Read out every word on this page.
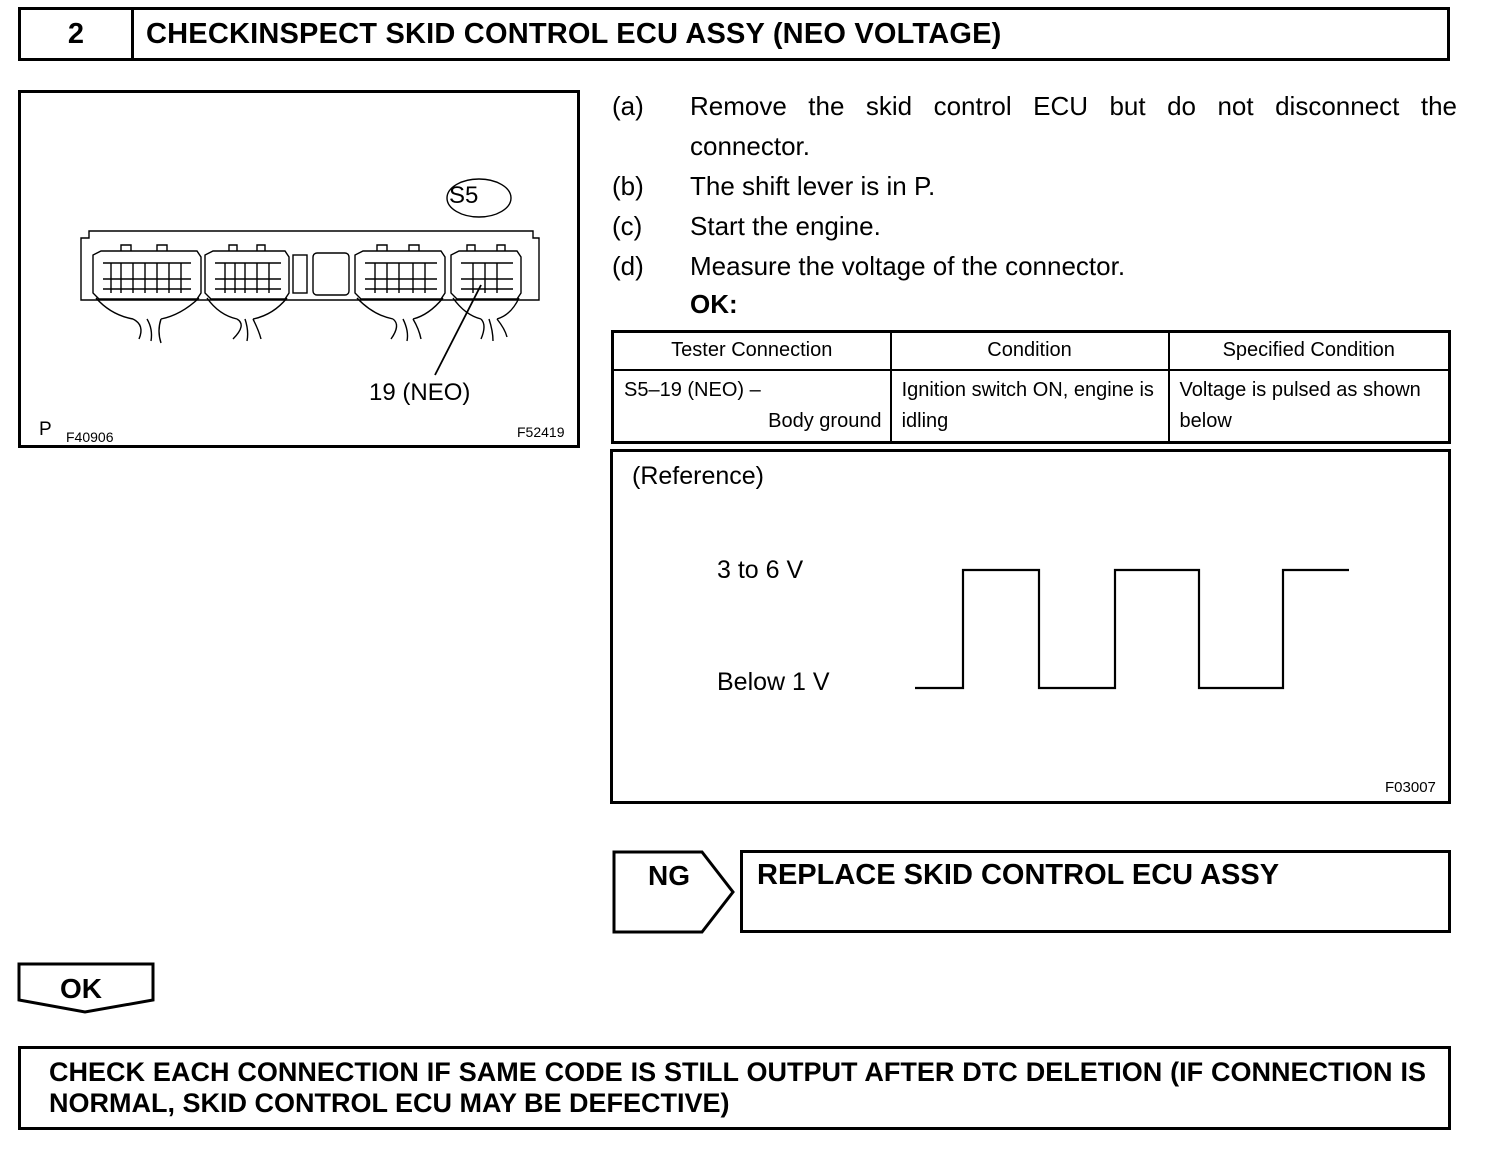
2	CHECKINSPECT SKID CONTROL ECU ASSY (NEO VOLTAGE)
S5
19 (NEO)
P F40906	F52419
(a)	Remove the skid control ECU but do not disconnect the
connector.
(b)	The shift lever is in P.
(c)	Start the engine.
(d)	Measure the voltage of the connector.
OK:
Tester Connection	Condition	Specified Condition

S5–19 (NEO) –
Body ground	Ignition switch ON, engine is idling	Voltage is pulsed as shown below
(Reference)
3 to 6 V
Below 1 V
F03007
NG	REPLACE SKID CONTROL ECU ASSY
OK
CHECK EACH CONNECTION IF SAME CODE IS STILL OUTPUT AFTER DTC DELETION (IF CONNECTION IS NORMAL, SKID CONTROL ECU MAY BE DEFECTIVE)
